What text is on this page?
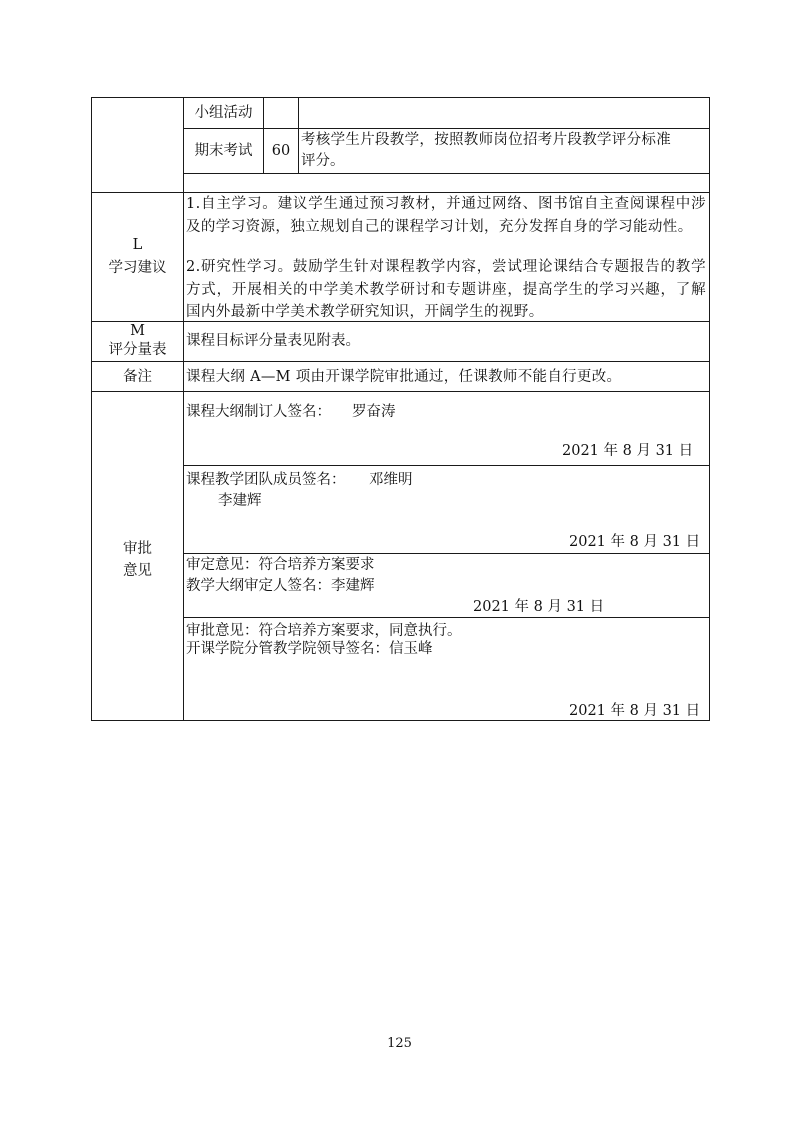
小组活动
期末考试	60
考核学生片段教学，按照教师岗位招考片段教学评分标准
评分。
L
学习建议
1.自主学习。建议学生通过预习教材，并通过网络、图书馆自主查阅课程中涉及的学习资源，独立规划自己的课程学习计划，充分发挥自身的学习能动性。
2.研究性学习。鼓励学生针对课程教学内容，尝试理论课结合专题报告的教学方式，开展相关的中学美术教学研讨和专题讲座，提高学生的学习兴趣，了解国内外最新中学美术教学研究知识，开阔学生的视野。
M
评分量表
课程目标评分量表见附表。
备注	课程大纲 A—M 项由开课学院审批通过，任课教师不能自行更改。
审批
意见
课程大纲制订人签名： 罗奋涛
2021 年 8 月 31 日
课程教学团队成员签名： 邓维明
李建辉
2021 年 8 月 31 日
审定意见：符合培养方案要求
教学大纲审定人签名：李建辉
2021 年 8 月 31 日
审批意见：符合培养方案要求，同意执行。
开课学院分管教学院领导签名：信玉峰
2021 年 8 月 31 日
125
